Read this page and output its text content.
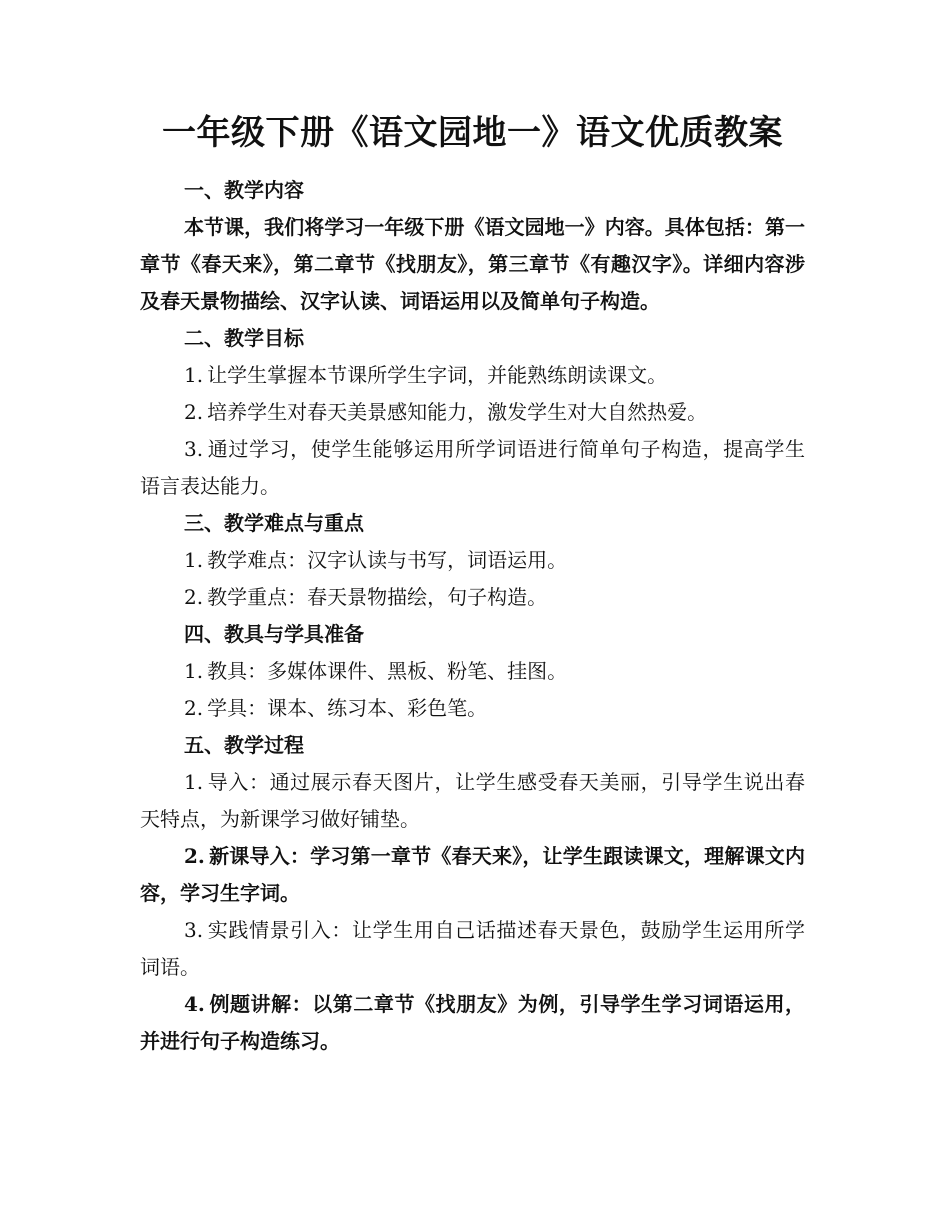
一年级下册《语文园地一》语文优质教案

一、教学内容

本节课，我们将学习一年级下册《语文园地一》内容。具体包括：第一章节《春天来》，第二章节《找朋友》，第三章节《有趣汉字》。详细内容涉及春天景物描绘、汉字认读、词语运用以及简单句子构造。

二、教学目标

1. 让学生掌握本节课所学生字词，并能熟练朗读课文。

2. 培养学生对春天美景感知能力，激发学生对大自然热爱。

3. 通过学习，使学生能够运用所学词语进行简单句子构造，提高学生语言表达能力。

三、教学难点与重点

1. 教学难点：汉字认读与书写，词语运用。

2. 教学重点：春天景物描绘，句子构造。

四、教具与学具准备

1. 教具：多媒体课件、黑板、粉笔、挂图。

2. 学具：课本、练习本、彩色笔。

五、教学过程

1. 导入：通过展示春天图片，让学生感受春天美丽，引导学生说出春天特点，为新课学习做好铺垫。

2. 新课导入：学习第一章节《春天来》，让学生跟读课文，理解课文内容，学习生字词。

3. 实践情景引入：让学生用自己话描述春天景色，鼓励学生运用所学词语。

4. 例题讲解：以第二章节《找朋友》为例，引导学生学习词语运用，并进行句子构造练习。
